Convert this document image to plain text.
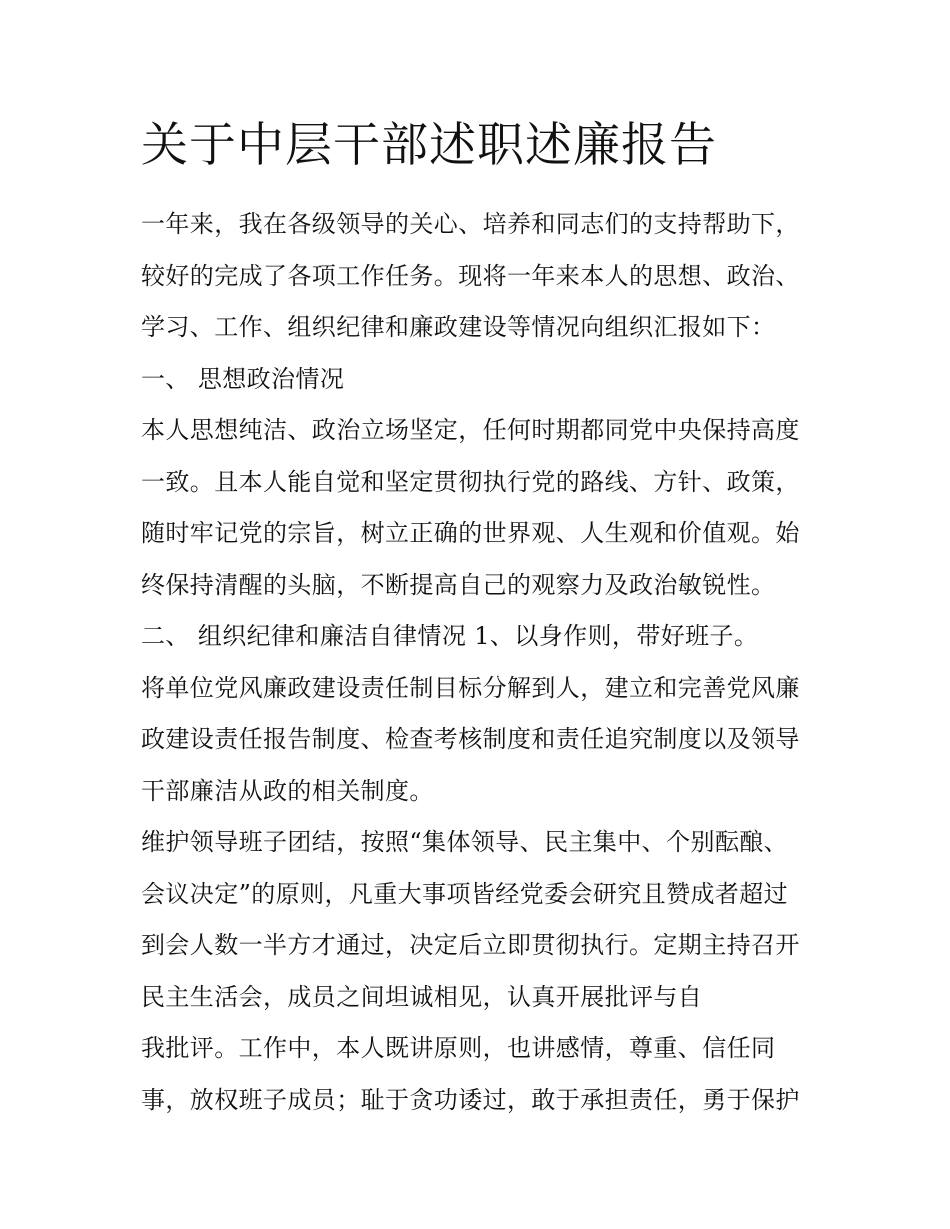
关于中层干部述职述廉报告
一年来，我在各级领导的关心、培养和同志们的支持帮助下，
较好的完成了各项工作任务。现将一年来本人的思想、政治、
学习、工作、组织纪律和廉政建设等情况向组织汇报如下：
一、 思想政治情况
本人思想纯洁、政治立场坚定，任何时期都同党中央保持高度
一致。且本人能自觉和坚定贯彻执行党的路线、方针、政策，
随时牢记党的宗旨，树立正确的世界观、人生观和价值观。始
终保持清醒的头脑，不断提高自己的观察力及政治敏锐性。
二、 组织纪律和廉洁自律情况 1、以身作则，带好班子。
将单位党风廉政建设责任制目标分解到人，建立和完善党风廉
政建设责任报告制度、检查考核制度和责任追究制度以及领导
干部廉洁从政的相关制度。
维护领导班子团结，按照“集体领导、民主集中、个别酝酿、
会议决定”的原则，凡重大事项皆经党委会研究且赞成者超过
到会人数一半方才通过，决定后立即贯彻执行。定期主持召开
民主生活会，成员之间坦诚相见，认真开展批评与自
我批评。工作中，本人既讲原则，也讲感情，尊重、信任同
事，放权班子成员；耻于贪功诿过，敢于承担责任，勇于保护
